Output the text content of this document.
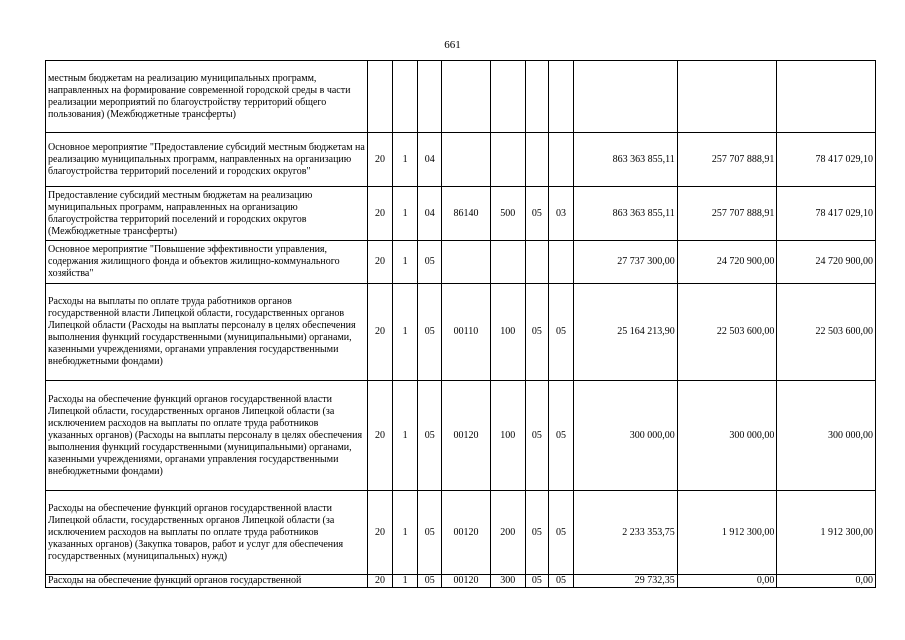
661
местным бюджетам на реализацию муниципальных программ, направленных на формирование современной городской среды в части реализации мероприятий по благоустройству территорий общего пользования) (Межбюджетные трансферты)										
Основное мероприятие "Предоставление субсидий местным бюджетам на реализацию муниципальных программ, направленных на организацию благоустройства территорий поселений и городских округов"	20	1	04					863 363 855,11	257 707 888,91	78 417 029,10
Предоставление субсидий местным бюджетам на реализацию муниципальных программ, направленных на организацию благоустройства территорий поселений и городских округов (Межбюджетные трансферты)	20	1	04	86140	500	05	03	863 363 855,11	257 707 888,91	78 417 029,10
Основное мероприятие "Повышение эффективности управления, содержания жилищного фонда и объектов жилищно-коммунального хозяйства"	20	1	05					27 737 300,00	24 720 900,00	24 720 900,00
Расходы на выплаты по оплате труда работников органов государственной власти Липецкой области, государственных органов Липецкой области (Расходы на выплаты персоналу в целях обеспечения выполнения функций государственными (муниципальными) органами, казенными учреждениями, органами управления государственными внебюджетными фондами)	20	1	05	00110	100	05	05	25 164 213,90	22 503 600,00	22 503 600,00
Расходы на обеспечение функций органов государственной власти Липецкой области, государственных органов Липецкой области (за исключением расходов на выплаты по оплате труда работников указанных органов) (Расходы на выплаты персоналу в целях обеспечения выполнения функций государственными (муниципальными) органами, казенными учреждениями, органами управления государственными внебюджетными фондами)	20	1	05	00120	100	05	05	300 000,00	300 000,00	300 000,00
Расходы на обеспечение функций органов государственной власти Липецкой области, государственных органов Липецкой области (за исключением расходов на выплаты по оплате труда работников указанных органов) (Закупка товаров, работ и услуг для обеспечения государственных (муниципальных) нужд)	20	1	05	00120	200	05	05	2 233 353,75	1 912 300,00	1 912 300,00
Расходы на обеспечение функций органов государственной	20	1	05	00120	300	05	05	29 732,35	0,00	0,00
